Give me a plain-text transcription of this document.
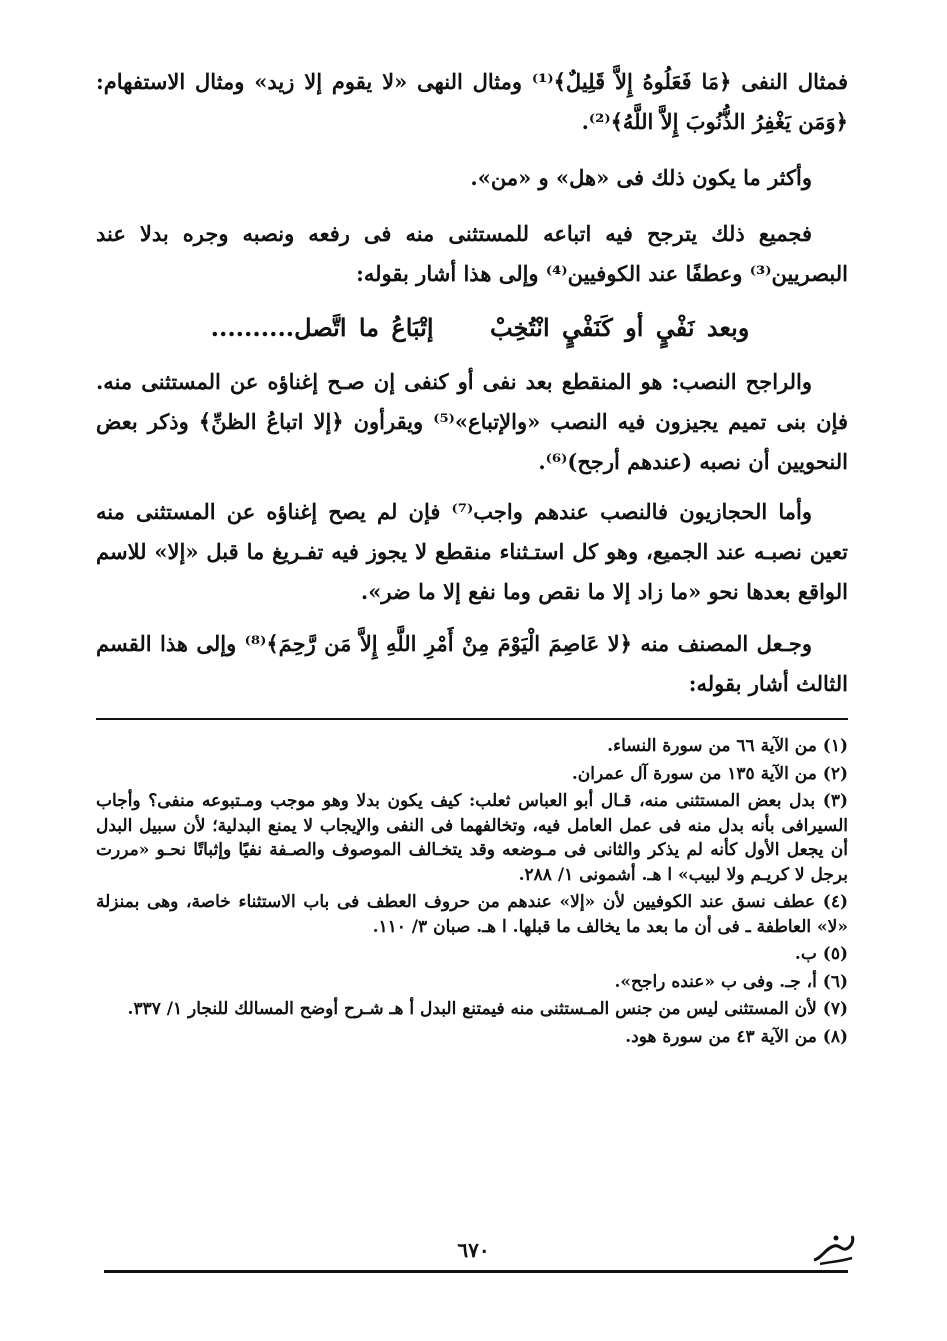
فمثال النفى ﴿مَا فَعَلُوهُ إِلاَّ قَلِيلٌ﴾⁽¹⁾ ومثال النهى «لا يقوم إلا زيد» ومثال الاستفهام: ﴿وَمَن يَغْفِرُ الذُّنُوبَ إِلاَّ اللَّهُ﴾⁽²⁾.

وأكثر ما يكون ذلك فى «هل» و «من».

فجميع ذلك يترجح فيه اتباعه للمستثنى منه فى رفعه ونصبه وجره بدلا عند البصريين⁽³⁾ وعطفًا عند الكوفيين⁽⁴⁾ وإلى هذا أشار بقوله:

وبعد نَفْيٍ أو كَنَفْيٍ انْتُخِبْ إتْبَاعُ ما اتَّصل..........

والراجح النصب: هو المنقطع بعد نفى أو كنفى إن صـح إغناؤه عن المستثنى منه. فإن بنى تميم يجيزون فيه النصب «والإتباع»⁽⁵⁾ ويقرأون ﴿إلا اتباعُ الظنِّ﴾ وذكر بعض النحويين أن نصبه (عندهم أرجح)⁽⁶⁾.

وأما الحجازيون فالنصب عندهم واجب⁽⁷⁾ فإن لم يصح إغناؤه عن المستثنى منه تعين نصبـه عند الجميع، وهو كل استـثناء منقطع لا يجوز فيه تفـريغ ما قبل «إلا» للاسم الواقع بعدها نحو «ما زاد إلا ما نقص وما نفع إلا ما ضر».

وجـعل المصنف منه ﴿لا عَاصِمَ الْيَوْمَ مِنْ أَمْرِ اللَّهِ إِلاَّ مَن رَّحِمَ﴾⁽⁸⁾ وإلى هذا القسم الثالث أشار بقوله:

(١) من الآية ٦٦ من سورة النساء.

(٢) من الآية ١٣٥ من سورة آل عمران.

(٣) بدل بعض المستثنى منه، قـال أبو العباس ثعلب: كيف يكون بدلا وهو موجب ومـتبوعه منفى؟ وأجاب السيرافى بأنه بدل منه فى عمل العامل فيه، وتخالفهما فى النفى والإيجاب لا يمنع البدلية؛ لأن سبيل البدل أن يجعل الأول كأنه لم يذكر والثانى فى مـوضعه وقد يتخـالف الموصوف والصـفة نفيًا وإثباتًا نحـو «مررت برجل لا كريـم ولا لبيب» ا هـ. أشمونى ١/ ٢٨٨.

(٤) عطف نسق عند الكوفيين لأن «إلا» عندهم من حروف العطف فى باب الاستثناء خاصة، وهى بمنزلة «لا» العاطفة ـ فى أن ما بعد ما يخالف ما قبلها. ا هـ. صبان ٣/ ١١٠.

(٥) ب.

(٦) أ، جـ. وفى ب «عنده راجح».

(٧) لأن المستثنى ليس من جنس المـستثنى منه فيمتنع البدل أ هـ شـرح أوضح المسالك للنجار ١/ ٣٣٧.

(٨) من الآية ٤٣ من سورة هود.

٦٧٠
